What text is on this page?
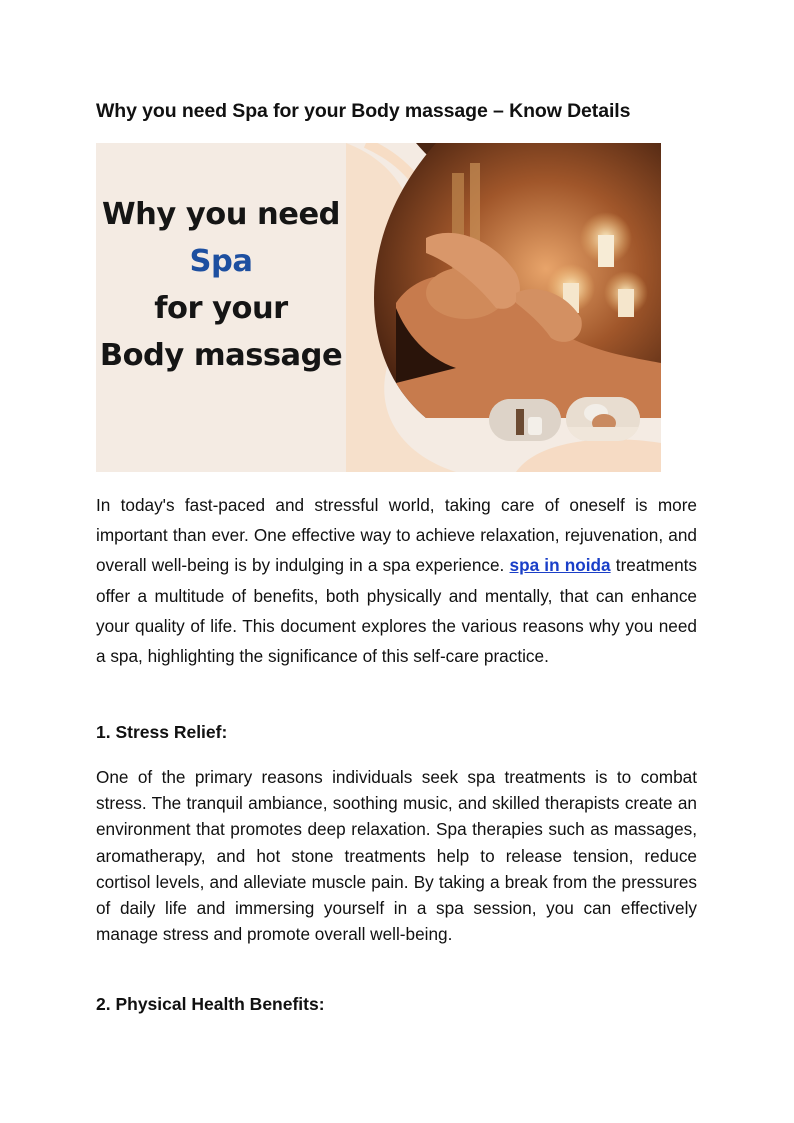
Why you need Spa for your Body massage – Know Details
Why you need
Spa
for your
Body massage

In today's fast-paced and stressful world, taking care of oneself is more important than ever. One effective way to achieve relaxation, rejuvenation, and overall well-being is by indulging in a spa experience. spa in noida treatments offer a multitude of benefits, both physically and mentally, that can enhance your quality of life. This document explores the various reasons why you need a spa, highlighting the significance of this self-care practice.

1. Stress Relief:

One of the primary reasons individuals seek spa treatments is to combat stress. The tranquil ambiance, soothing music, and skilled therapists create an environment that promotes deep relaxation. Spa therapies such as massages, aromatherapy, and hot stone treatments help to release tension, reduce cortisol levels, and alleviate muscle pain. By taking a break from the pressures of daily life and immersing yourself in a spa session, you can effectively manage stress and promote overall well-being.

2. Physical Health Benefits:
